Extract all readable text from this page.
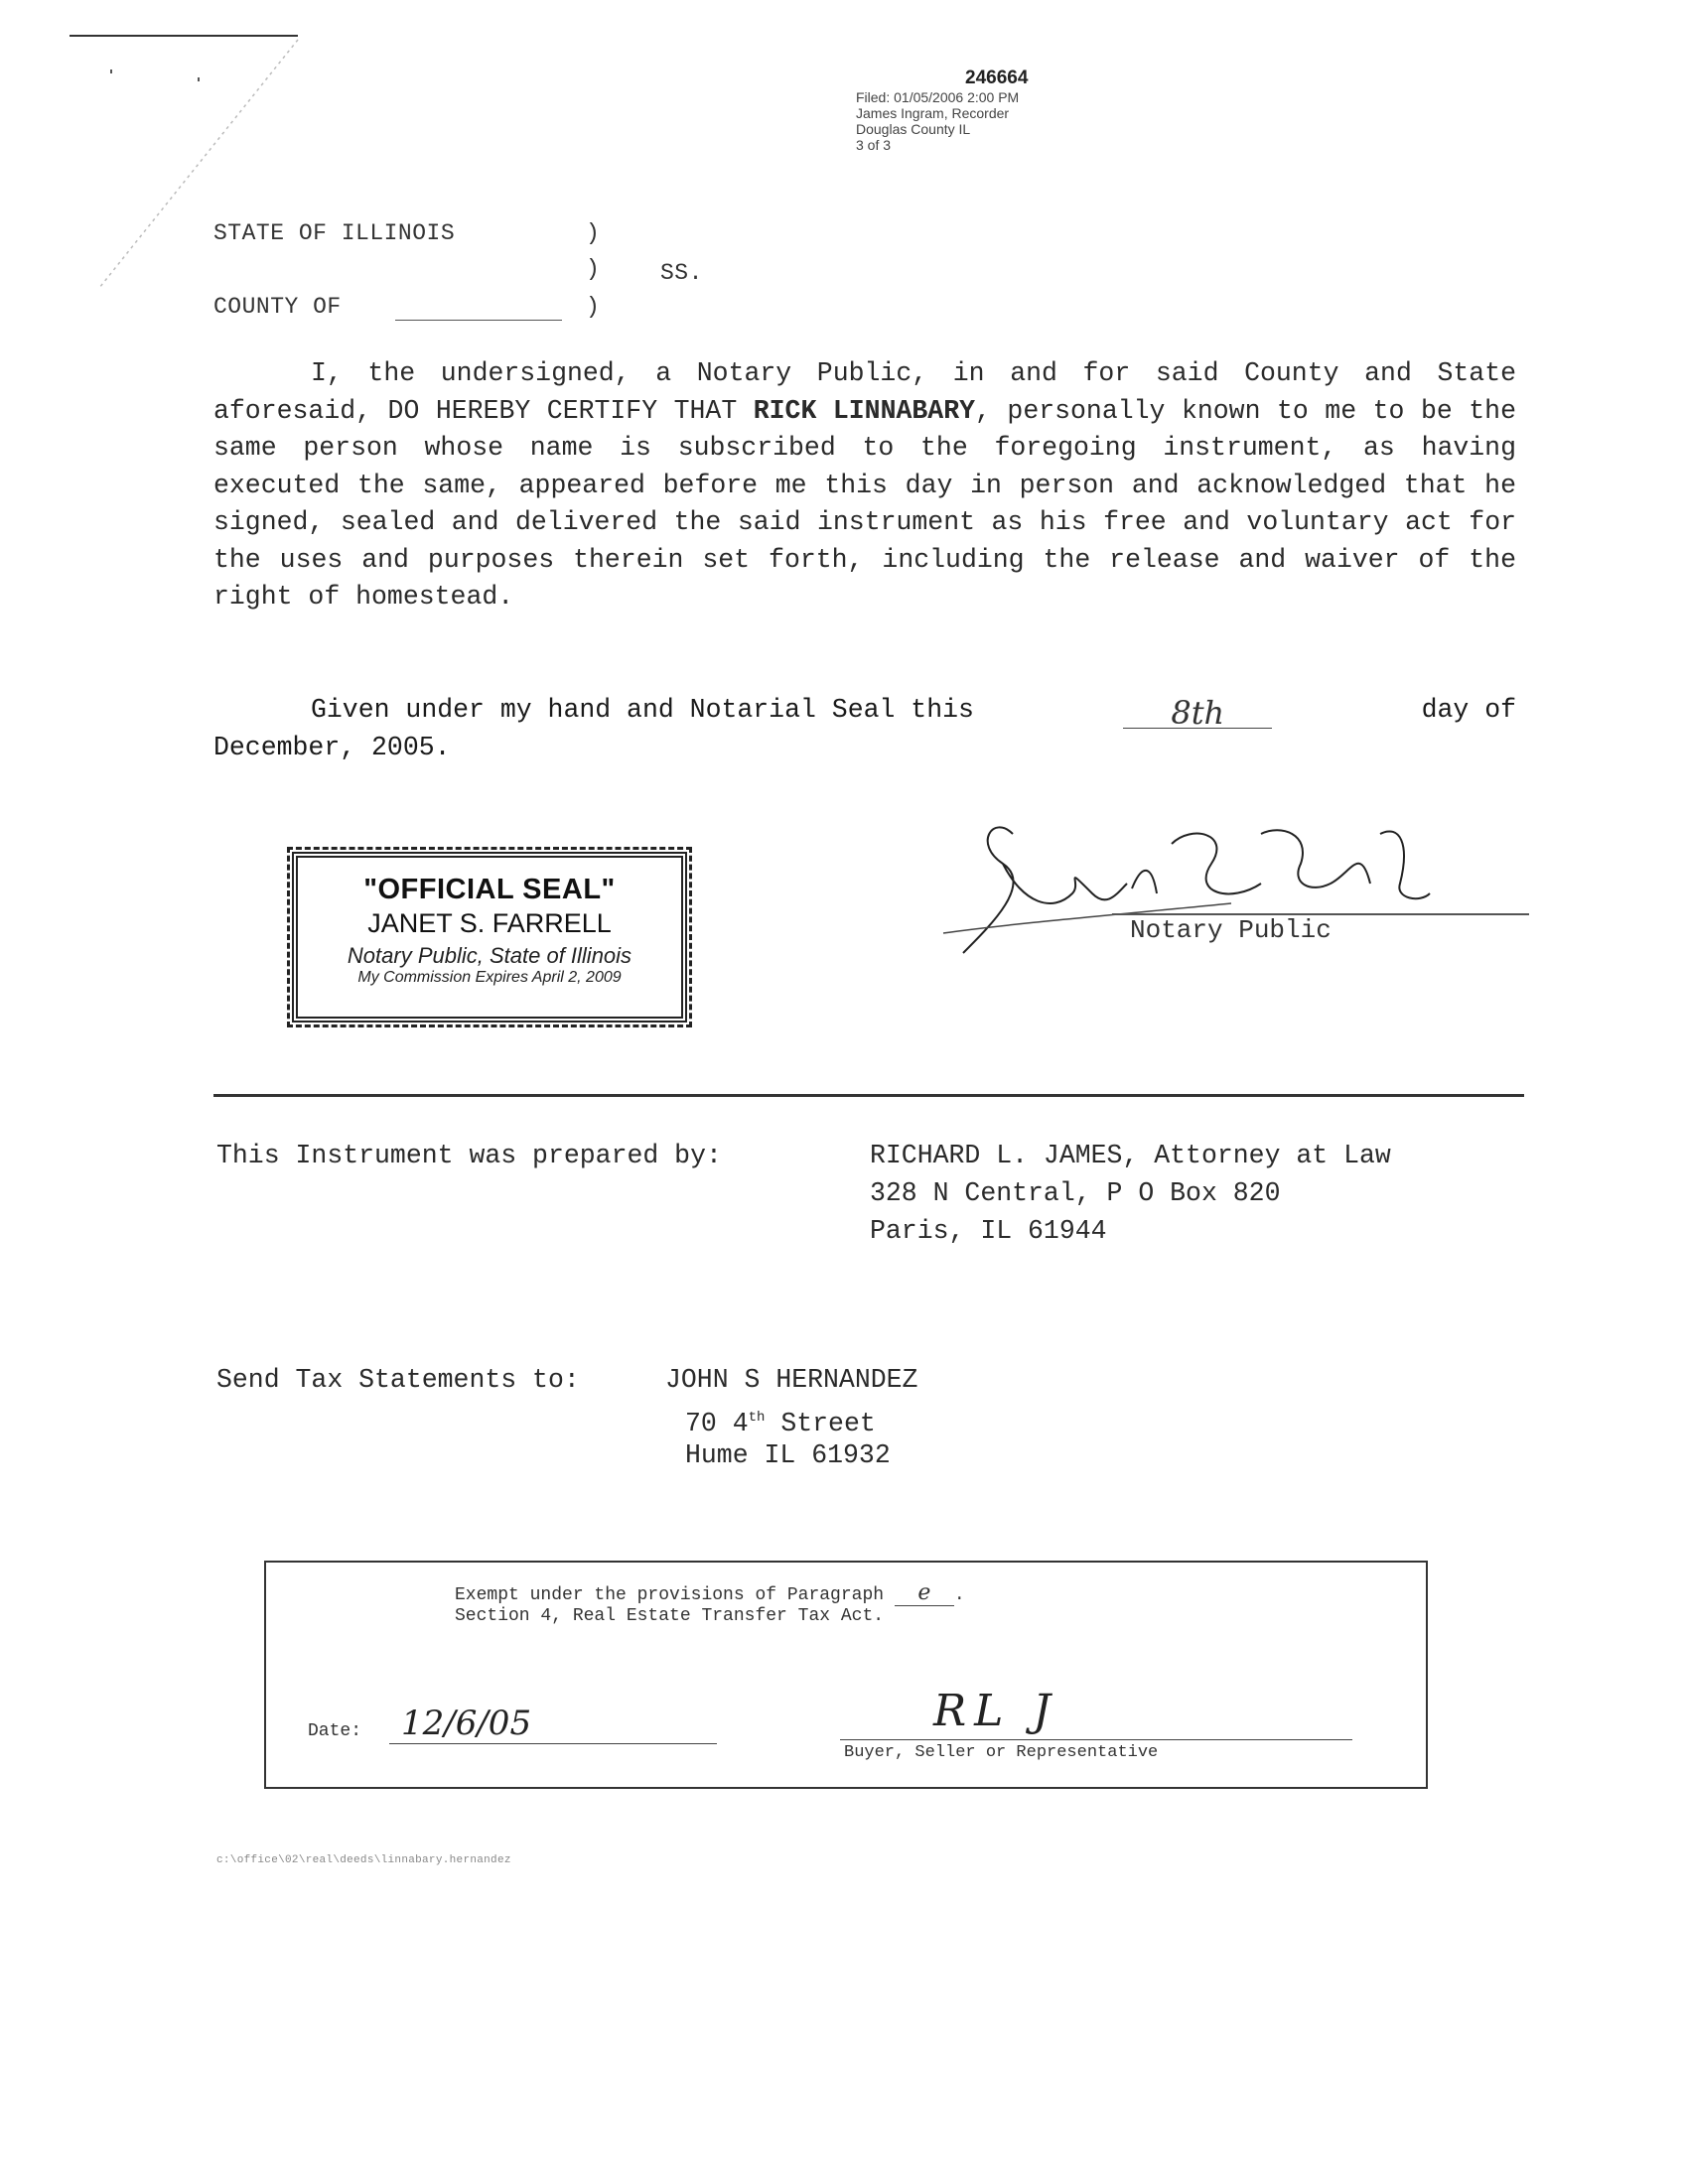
246664
Filed: 01/05/2006 2:00 PM
James Ingram, Recorder
Douglas County IL
3 of 3
STATE OF ILLINOIS	)
)	SS.
COUNTY OF	)
I, the undersigned, a Notary Public, in and for said County and State aforesaid, DO HEREBY CERTIFY THAT RICK LINNABARY, personally known to me to be the same person whose name is subscribed to the foregoing instrument, as having executed the same, appeared before me this day in person and acknowledged that he signed, sealed and delivered the said instrument as his free and voluntary act for the uses and purposes therein set forth, including the release and waiver of the right of homestead.
Given under my hand and Notarial Seal this	8th	day of
December, 2005.
"OFFICIAL SEAL"
JANET S. FARRELL
Notary Public, State of Illinois
My Commission Expires April 2, 2009
Notary Public
This Instrument was prepared by:	RICHARD L. JAMES, Attorney at Law
328 N Central, P O Box 820
Paris, IL 61944
Send Tax Statements to:	JOHN S HERNANDEZ
70 4th Street
Hume IL 61932
Exempt under the provisions of Paragraph e .
Section 4, Real Estate Transfer Tax Act.
Date:	12/6/05	RL J
Buyer, Seller or Representative
c:\office\02\real\deeds\linnabary.hernandez
